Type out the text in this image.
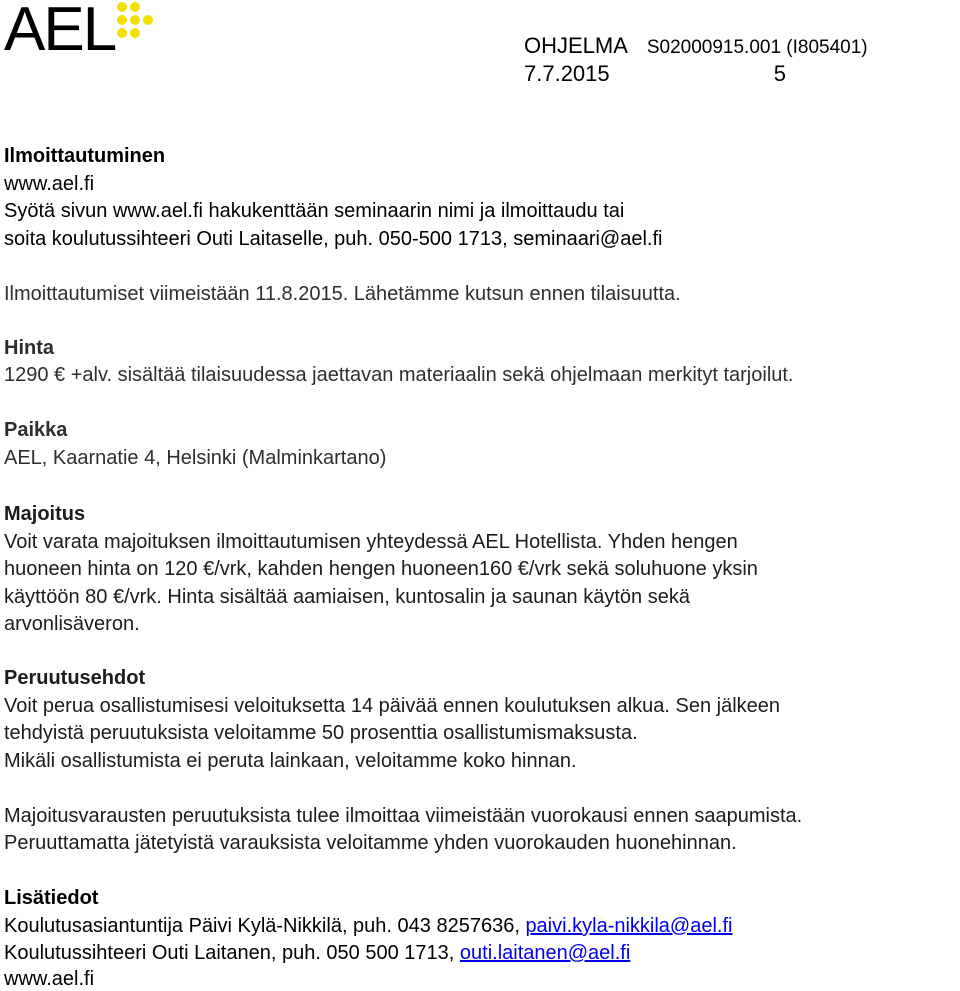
AEL	OHJELMA S02000915.001 (I805401)
7.7.2015	5

Ilmoittautuminen

www.ael.fi

Syötä sivun www.ael.fi hakukenttään seminaarin nimi ja ilmoittaudu tai

soita koulutussihteeri Outi Laitaselle, puh. 050-500 1713, seminaari@ael.fi

Ilmoittautumiset viimeistään 11.8.2015. Lähetämme kutsun ennen tilaisuutta.

Hinta

1290 € +alv. sisältää tilaisuudessa jaettavan materiaalin sekä ohjelmaan merkityt tarjoilut.

Paikka

AEL, Kaarnatie 4, Helsinki (Malminkartano)

Majoitus

Voit varata majoituksen ilmoittautumisen yhteydessä AEL Hotellista. Yhden hengen

huoneen hinta on 120 €/vrk, kahden hengen huoneen160 €/vrk sekä soluhuone yksin

käyttöön 80 €/vrk. Hinta sisältää aamiaisen, kuntosalin ja saunan käytön sekä

arvonlisäveron.

Peruutusehdot

Voit perua osallistumisesi veloituksetta 14 päivää ennen koulutuksen alkua. Sen jälkeen

tehdyistä peruutuksista veloitamme 50 prosenttia osallistumismaksusta.

Mikäli osallistumista ei peruta lainkaan, veloitamme koko hinnan.

Majoitusvarausten peruutuksista tulee ilmoittaa viimeistään vuorokausi ennen saapumista.

Peruuttamatta jätetyistä varauksista veloitamme yhden vuorokauden huonehinnan.

Lisätiedot

Koulutusasiantuntija Päivi Kylä-Nikkilä, puh. 043 8257636, paivi.kyla-nikkila@ael.fi

Koulutussihteeri Outi Laitanen, puh. 050 500 1713, outi.laitanen@ael.fi

www.ael.fi
